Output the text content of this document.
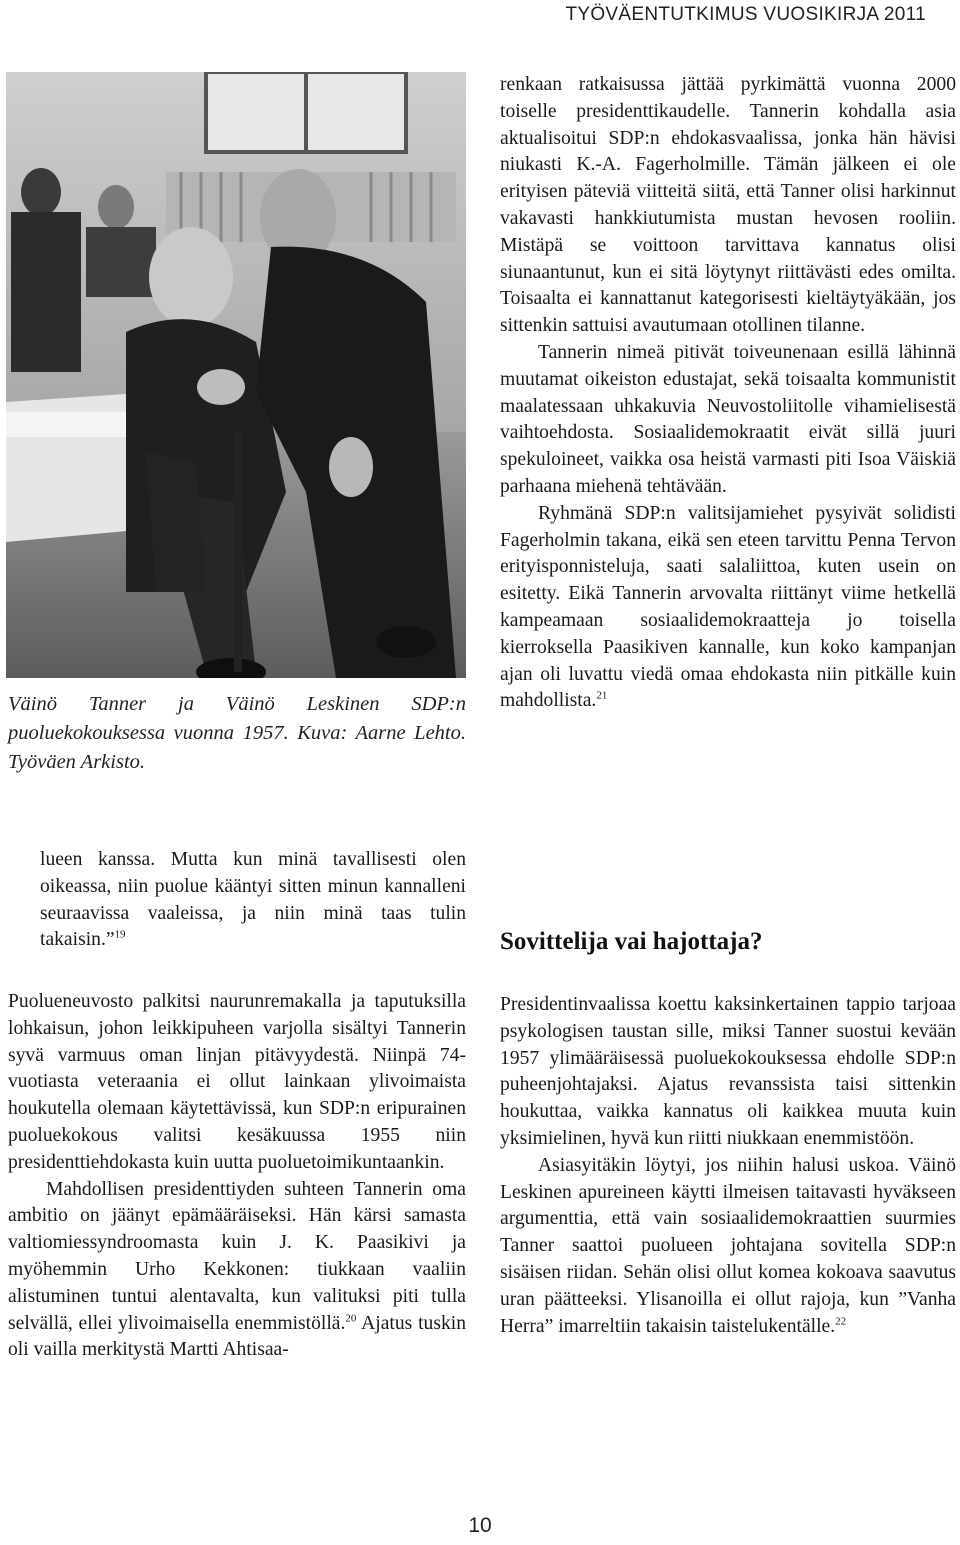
TYÖVÄENTUTKIMUS VUOSIKIRJA 2011
Väinö Tanner ja Väinö Leskinen SDP:n puoluekokouksessa vuonna 1957. Kuva: Aarne Lehto. Työväen Arkisto.

lueen kanssa. Mutta kun minä tavallisesti olen oikeassa, niin puolue kääntyi sitten minun kannalleni seuraavissa vaaleissa, ja niin minä taas tulin takaisin.”$^{19}$

Puolueneuvosto palkitsi naurunremakalla ja taputuksilla lohkaisun, johon leikkipuheen varjolla sisältyi Tannerin syvä varmuus oman linjan pitävyydestä. Niinpä 74-vuotiasta veteraania ei ollut lainkaan ylivoimaista houkutella olemaan käytettävissä, kun SDP:n eripurainen puoluekokous valitsi kesäkuussa 1955 niin presidenttiehdokasta kuin uutta puoluetoimikuntaankin.

Mahdollisen presidenttiyden suhteen Tannerin oma ambitio on jäänyt epämääräiseksi. Hän kärsi samasta valtiomiessyndroomasta kuin J. K. Paasikivi ja myöhemmin Urho Kekkonen: tiukkaan vaaliin alistuminen tuntui alentavalta, kun valituksi piti tulla selvällä, ellei ylivoimaisella enemmistöllä.$^{20}$ Ajatus tuskin oli vailla merkitystä Martti Ahtisaa-

renkaan ratkaisussa jättää pyrkimättä vuonna 2000 toiselle presidenttikaudelle. Tannerin kohdalla asia aktualisoitui SDP:n ehdokasvaalissa, jonka hän hävisi niukasti K.-A. Fagerholmille. Tämän jälkeen ei ole erityisen päteviä viitteitä siitä, että Tanner olisi harkinnut vakavasti hankkiutumista mustan hevosen rooliin. Mistäpä se voittoon tarvittava kannatus olisi siunaantunut, kun ei sitä löytynyt riittävästi edes omilta. Toisaalta ei kannattanut kategorisesti kieltäytyäkään, jos sittenkin sattuisi avautumaan otollinen tilanne.

Tannerin nimeä pitivät toiveunenaan esillä lähinnä muutamat oikeiston edustajat, sekä toisaalta kommunistit maalatessaan uhkakuvia Neuvostoliitolle vihamielisestä vaihtoehdosta. Sosiaalidemokraatit eivät sillä juuri spekuloineet, vaikka osa heistä varmasti piti Isoa Väiskiä parhaana miehenä tehtävään.

Ryhmänä SDP:n valitsijamiehet pysyivät solidisti Fagerholmin takana, eikä sen eteen tarvittu Penna Tervon erityisponnisteluja, saati salaliittoa, kuten usein on esitetty. Eikä Tannerin arvovalta riittänyt viime hetkellä kampeamaan sosiaalidemokraatteja jo toisella kierroksella Paasikiven kannalle, kun koko kampanjan ajan oli luvattu viedä omaa ehdokasta niin pitkälle kuin mahdollista.$^{21}$

Sovittelija vai hajottaja?

Presidentinvaalissa koettu kaksinkertainen tappio tarjoaa psykologisen taustan sille, miksi Tanner suostui kevään 1957 ylimääräisessä puoluekokouksessa ehdolle SDP:n puheenjohtajaksi. Ajatus revanssista taisi sittenkin houkuttaa, vaikka kannatus oli kaikkea muuta kuin yksimielinen, hyvä kun riitti niukkaan enemmistöön.

Asiasyitäkin löytyi, jos niihin halusi uskoa. Väinö Leskinen apureineen käytti ilmeisen taitavasti hyväkseen argumenttia, että vain sosiaalidemokraattien suurmies Tanner saattoi puolueen johtajana sovitella SDP:n sisäisen riidan. Sehän olisi ollut komea kokoava saavutus uran päätteeksi. Ylisanoilla ei ollut rajoja, kun ”Vanha Herra” imarreltiin takaisin taistelukentälle.$^{22}$

10
